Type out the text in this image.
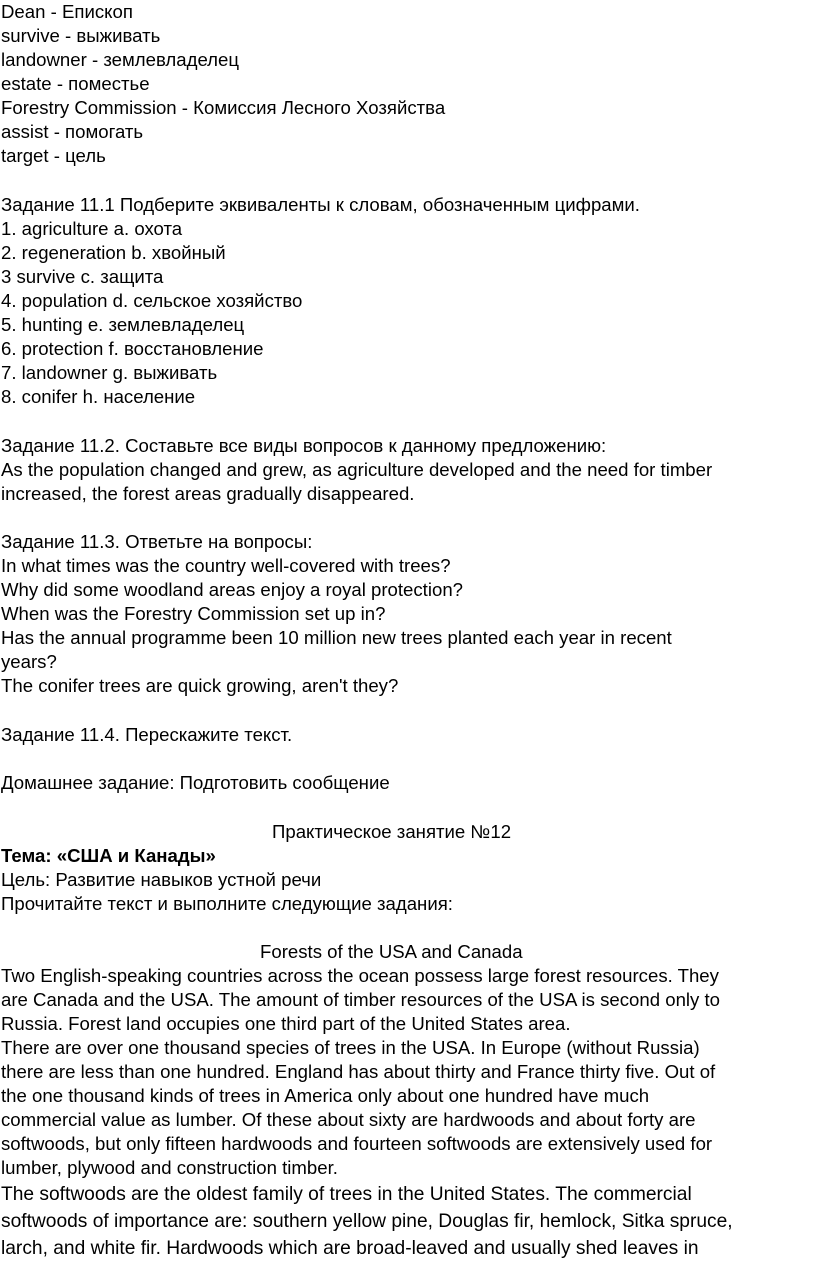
Dean - Епископ
survive - выживать
landowner - землевладелец
estate - поместье
Forestry Commission - Комиссия Лесного Хозяйства
assist - помогать
target - цель
Задание 11.1 Подберите эквиваленты к словам, обозначенным цифрами.
1. agriculture a. охота
2. regeneration b. хвойный
3 survive c. защита
4. population d. сельское хозяйство
5. hunting e. землевладелец
6. protection f. восстановление
7. landowner g. выживать
8. conifer h. население
Задание 11.2. Составьте все виды вопросов к данному предложению:
As the population changed and grew, as agriculture developed and the need for timber
increased, the forest areas gradually disappeared.
Задание 11.3. Ответьте на вопросы:
In what times was the country well-covered with trees?
Why did some woodland areas enjoy a royal protection?
When was the Forestry Commission set up in?
Has the annual programme been 10 million new trees planted each year in recent
years?
The conifer trees are quick growing, aren't they?
Задание 11.4. Перескажите текст.
Домашнее задание: Подготовить сообщение
Практическое занятие №12
Тема: «США и Канады»
Цель: Развитие навыков устной речи
Прочитайте текст и выполните следующие задания:
Forests of the USA and Canada
Two English-speaking countries across the ocean possess large forest resources. They
are Canada and the USA. The amount of timber resources of the USA is second only to
Russia. Forest land occupies one third part of the United States area.
There are over one thousand species of trees in the USA. In Europe (without Russia)
there are less than one hundred. England has about thirty and France thirty five. Out of
the one thousand kinds of trees in America only about one hundred have much
commercial value as lumber. Of these about sixty are hardwoods and about forty are
softwoods, but only fifteen hardwoods and fourteen softwoods are extensively used for
lumber, plywood and construction timber.
The softwoods are the oldest family of trees in the United States. The commercial
softwoods of importance are: southern yellow pine, Douglas fir, hemlock, Sitka spruce,
larch, and white fir. Hardwoods which are broad-leaved and usually shed leaves in
